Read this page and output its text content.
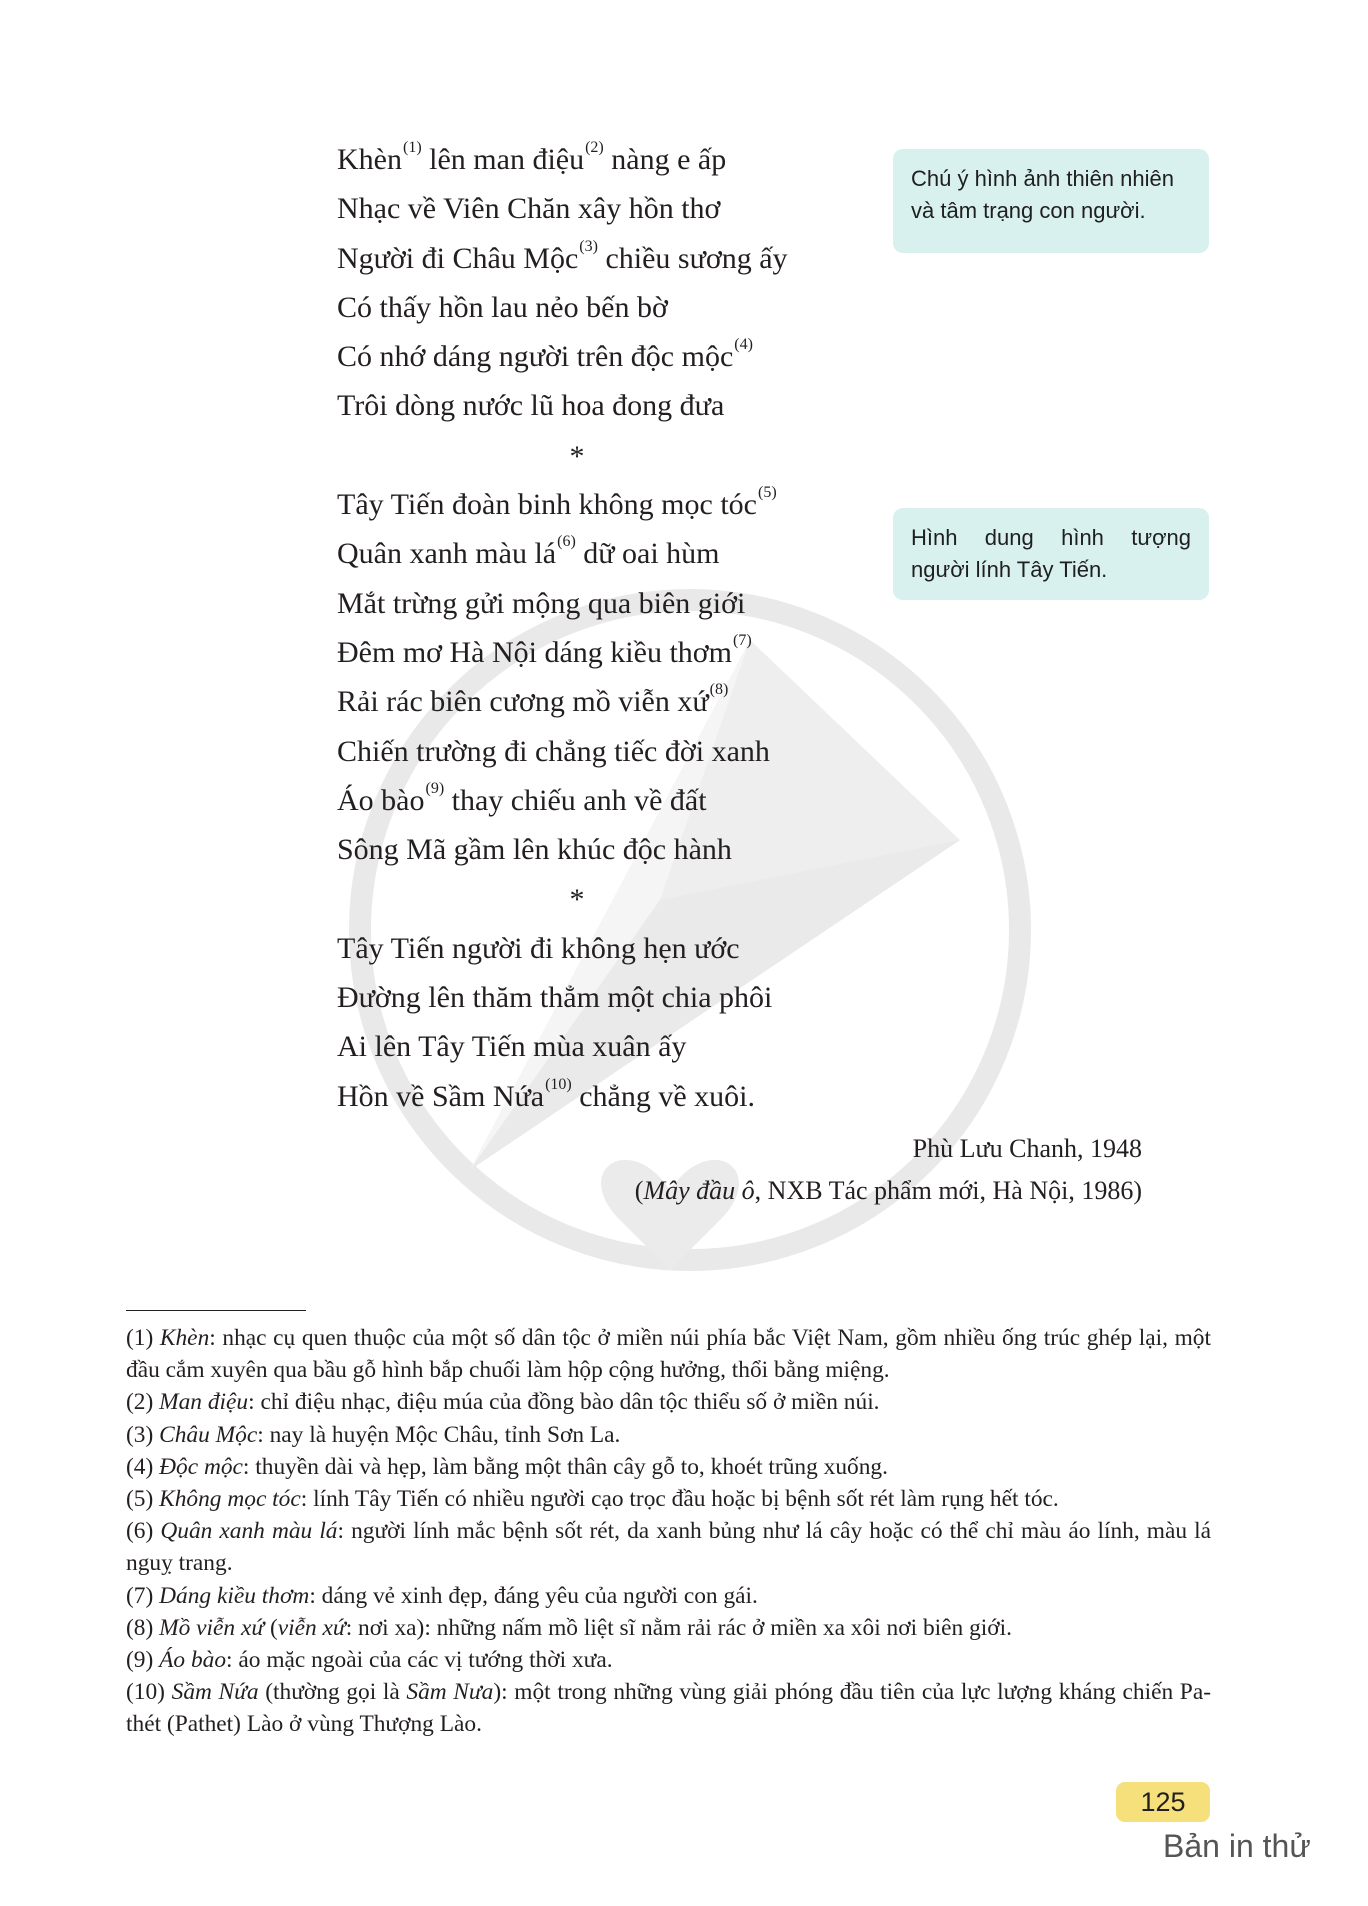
Khèn$^{(1)}$ lên man điệu$^{(2)}$ nàng e ấp
Nhạc về Viên Chăn xây hồn thơ
Người đi Châu Mộc$^{(3)}$ chiều sương ấy
Có thấy hồn lau nẻo bến bờ
Có nhớ dáng người trên độc mộc$^{(4)}$
Trôi dòng nước lũ hoa đong đưa
*
Tây Tiến đoàn binh không mọc tóc$^{(5)}$
Quân xanh màu $lá^{(6)}$ dữ oai hùm
Mắt trừng gửi mộng qua biên giới
Đêm mơ Hà Nội dáng kiều thơm$^{(7)}$
Rải rác biên cương mồ viễn xứ$^{(8)}$
Chiến trường đi chẳng tiếc đời xanh
Áo bào$^{(9)}$ thay chiếu anh về đất
Sông Mã gầm lên khúc độc hành
*
Tây Tiến người đi không hẹn ước
Đường lên thăm thẳm một chia phôi
Ai lên Tây Tiến mùa xuân ấy
Hồn về Sầm Nứa$^{(10)}$ chẳng về xuôi.
Chú ý hình ảnh thiên nhiên và tâm trạng con người.
Hình dung hình tượng người lính Tây Tiến.
Phù Lưu Chanh, 1948
(Mây đầu ô, NXB Tác phẩm mới, Hà Nội, 1986)
(1) Khèn: nhạc cụ quen thuộc của một số dân tộc ở miền núi phía bắc Việt Nam, gồm nhiều ống trúc ghép lại, một đầu cắm xuyên qua bầu gỗ hình bắp chuối làm hộp cộng hưởng, thổi bằng miệng.
(2) Man điệu: chỉ điệu nhạc, điệu múa của đồng bào dân tộc thiểu số ở miền núi.
(3) Châu Mộc: nay là huyện Mộc Châu, tỉnh Sơn La.
(4) Độc mộc: thuyền dài và hẹp, làm bằng một thân cây gỗ to, khoét trũng xuống.
(5) Không mọc tóc: lính Tây Tiến có nhiều người cạo trọc đầu hoặc bị bệnh sốt rét làm rụng hết tóc.
(6) Quân xanh màu lá: người lính mắc bệnh sốt rét, da xanh bủng như lá cây hoặc có thể chỉ màu áo lính, màu lá nguỵ trang.
(7) Dáng kiều thơm: dáng vẻ xinh đẹp, đáng yêu của người con gái.
(8) Mồ viễn xứ (viễn xứ: nơi xa): những nấm mồ liệt sĩ nằm rải rác ở miền xa xôi nơi biên giới.
(9) Áo bào: áo mặc ngoài của các vị tướng thời xưa.
(10) Sầm Nứa (thường gọi là Sầm Nưa): một trong những vùng giải phóng đầu tiên của lực lượng kháng chiến Pa-thét (Pathet) Lào ở vùng Thượng Lào.
125
Bản in thử
